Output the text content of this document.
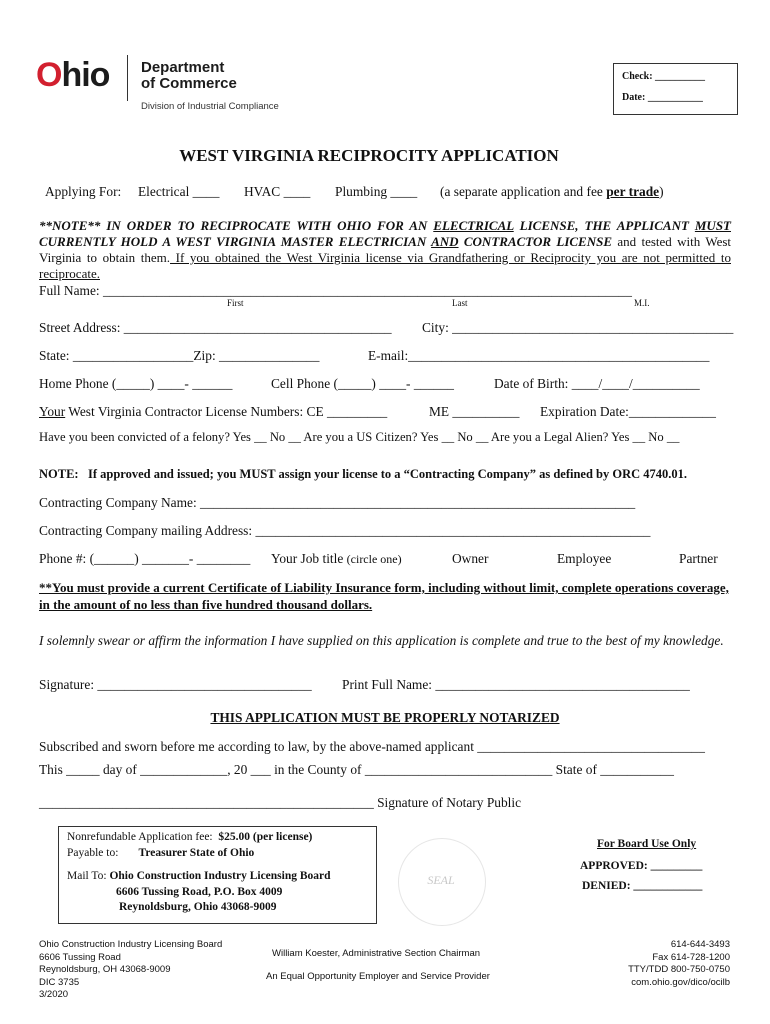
Ohio Department
of Commerce
Division of Industrial Compliance
Check: __________
Date: ___________
WEST VIRGINIA RECIPROCITY APPLICATION
Applying For: Electrical ____ HVAC ____ Plumbing ____ (a separate application and fee per trade)
**NOTE** IN ORDER TO RECIPROCATE WITH OHIO FOR AN ELECTRICAL LICENSE, THE APPLICANT MUST CURRENTLY HOLD A WEST VIRGINIA MASTER ELECTRICIAN AND CONTRACTOR LICENSE and tested with West Virginia to obtain them. If you obtained the West Virginia license via Grandfathering or Reciprocity you are not permitted to reciprocate.
Full Name: _______________________________________________________________________________
First	Last	M.I.
Street Address: ________________________________________ City: __________________________________________
State: __________________Zip: _______________	E-mail:_____________________________________________
Home Phone (_____) ____- ______	Cell Phone (_____) ____- ______	Date of Birth: ____/____/__________
Your West Virginia Contractor License Numbers: CE _________	ME __________ Expiration Date:_____________
Have you been convicted of a felony? Yes __ No __ Are you a US Citizen? Yes __ No __ Are you a Legal Alien? Yes __ No __
NOTE: If approved and issued; you MUST assign your license to a “Contracting Company” as defined by ORC 4740.01.
Contracting Company Name: _________________________________________________________________
Contracting Company mailing Address: ___________________________________________________________
Phone #: (______) _______- ________ Your Job title (circle one)	Owner	Employee	Partner
**You must provide a current Certificate of Liability Insurance form, including without limit, complete operations coverage, in the amount of no less than five hundred thousand dollars.
I solemnly swear or affirm the information I have supplied on this application is complete and true to the best of my knowledge.
Signature: ________________________________ Print Full Name: ______________________________________
THIS APPLICATION MUST BE PROPERLY NOTARIZED
Subscribed and sworn before me according to law, by the above-named applicant __________________________________
This _____ day of _____________, 20 ___ in the County of ____________________________ State of ___________
__________________________________________________ Signature of Notary Public
Nonrefundable Application fee: $25.00 (per license)
Payable to: Treasurer State of Ohio
Mail To: Ohio Construction Industry Licensing Board
6606 Tussing Road, P.O. Box 4009
Reynoldsburg, Ohio 43068-9009
SEAL
For Board Use Only
APPROVED: _________
DENIED: ____________
Ohio Construction Industry Licensing Board
6606 Tussing Road
Reynoldsburg, OH 43068-9009
DIC 3735
3/2020
William Koester, Administrative Section Chairman
An Equal Opportunity Employer and Service Provider
614-644-3493
Fax 614-728-1200
TTY/TDD 800-750-0750
com.ohio.gov/dico/ocilb
